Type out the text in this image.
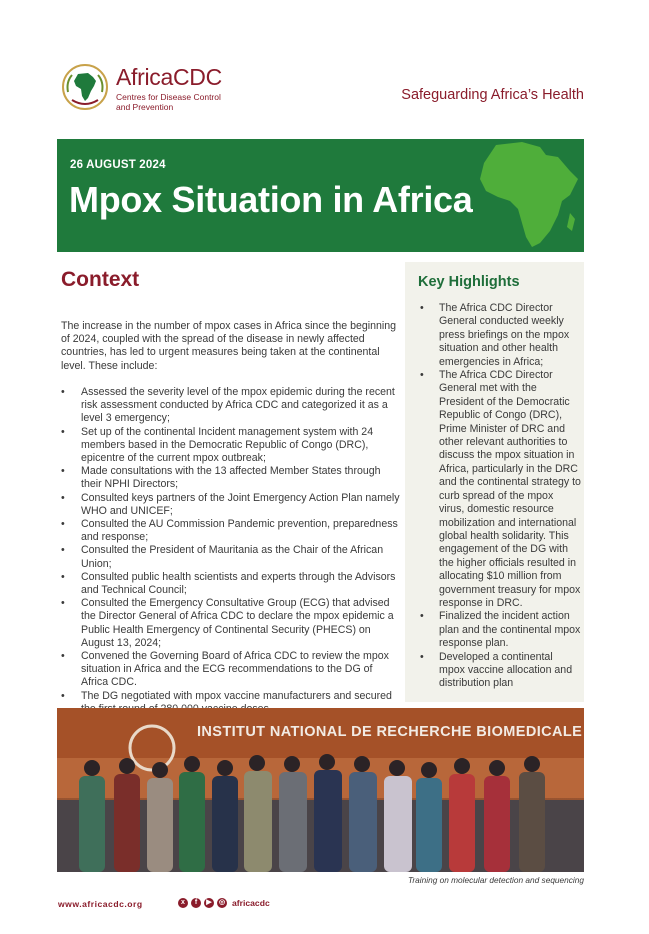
AfricaCDC
Centres for Disease Control and Prevention
Safeguarding Africa’s Health
26 AUGUST 2024
Mpox Situation in Africa
Context

The increase in the number of mpox cases in Africa since the beginning of 2024, coupled with the spread of the disease in newly affected countries, has led to urgent measures being taken at the continental level. These include:

• Assessed the severity level of the mpox epidemic during the recent risk assessment conducted by Africa CDC and categorized it as a level 3 emergency;
• Set up of the continental Incident management system with 24 members based in the Democratic Republic of Congo (DRC), epicentre of the current mpox outbreak;
• Made consultations with the 13 affected Member States through their NPHI Directors;
• Consulted keys partners of the Joint Emergency Action Plan namely WHO and UNICEF;
• Consulted the AU Commission Pandemic prevention, preparedness and response;
• Consulted the President of Mauritania as the Chair of the African Union;
• Consulted public health scientists and experts through the Advisors and Technical Council;
• Consulted the Emergency Consultative Group (ECG) that advised the Director General of Africa CDC to declare the mpox epidemic a Public Health Emergency of Continental Security (PHECS) on August 13, 2024;
• Convened the Governing Board of Africa CDC to review the mpox situation in Africa and the ECG recommendations to the DG of Africa CDC.
• The DG negotiated with mpox vaccine manufacturers and secured
Key Highlights
• The Africa CDC Director General conducted weekly press briefings on the mpox situation and other health emergencies in Africa;
• The Africa CDC Director General met with the President of the Democratic Republic of Congo (DRC), Prime Minister of DRC and other relevant authorities to discuss the mpox situation in Africa, particularly in the DRC and the continental strategy to curb spread of the mpox virus, domestic resource mobilization and international global health solidarity. This engagement of the DG with the higher officials resulted in allocating $10 million from government treasury for mpox response in DRC.
• Finalized the incident action plan and the continental mpox response plan.
• Developed a continental mpox vaccine allocation and distribution plan
INSTITUT NATIONAL DE RECHERCHE BIOMEDICALE
Training on molecular detection and sequencing
www.africacdc.org	x	f	▶	◎ africacdc
